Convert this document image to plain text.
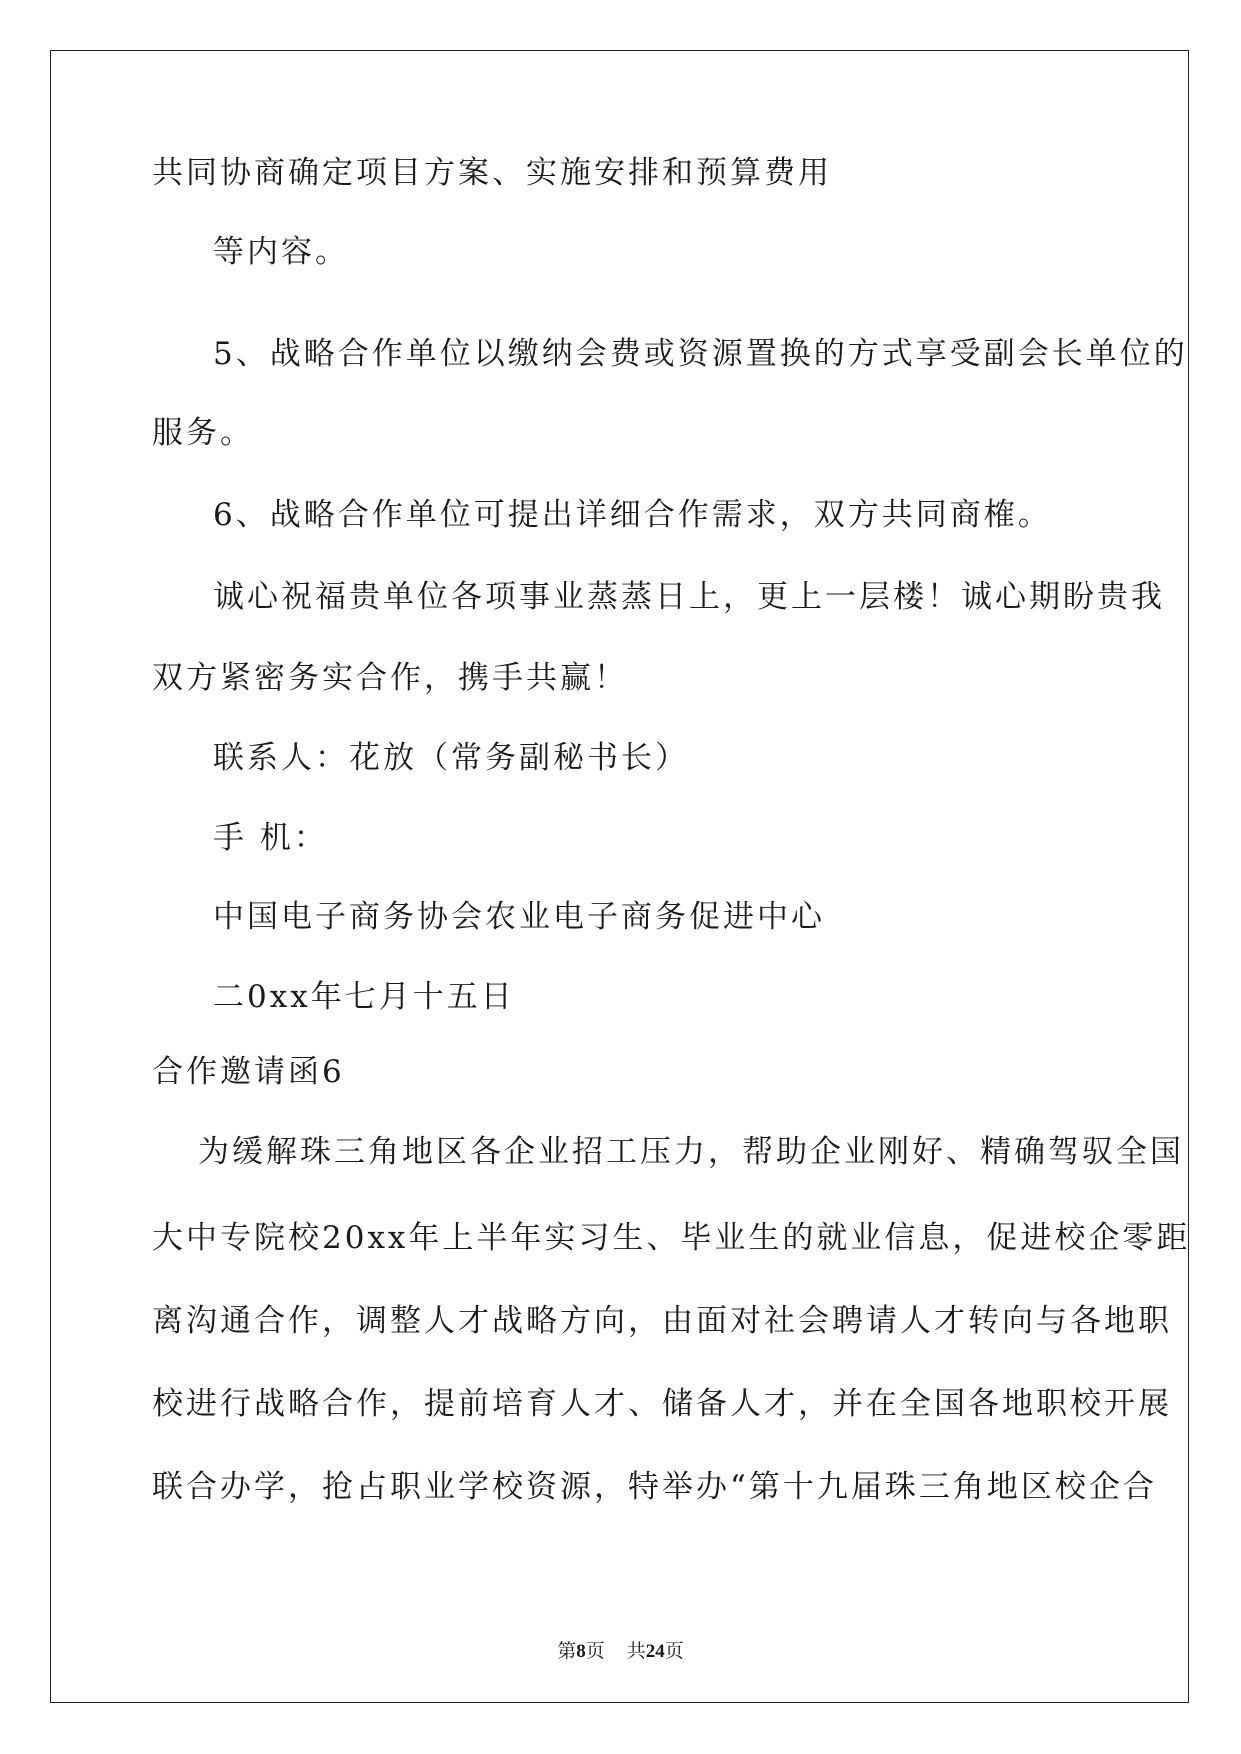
共同协商确定项目方案、实施安排和预算费用

等内容。

5、战略合作单位以缴纳会费或资源置换的方式享受副会长单位的

服务。

6、战略合作单位可提出详细合作需求，双方共同商榷。

诚心祝福贵单位各项事业蒸蒸日上，更上一层楼！诚心期盼贵我

双方紧密务实合作，携手共赢！

联系人：花放（常务副秘书长）

手 机：

中国电子商务协会农业电子商务促进中心

二0xx年七月十五日

合作邀请函6

为缓解珠三角地区各企业招工压力，帮助企业刚好、精确驾驭全国

大中专院校20xx年上半年实习生、毕业生的就业信息，促进校企零距

离沟通合作，调整人才战略方向，由面对社会聘请人才转向与各地职

校进行战略合作，提前培育人才、储备人才，并在全国各地职校开展

联合办学，抢占职业学校资源，特举办“第十九届珠三角地区校企合

第8页 共24页
